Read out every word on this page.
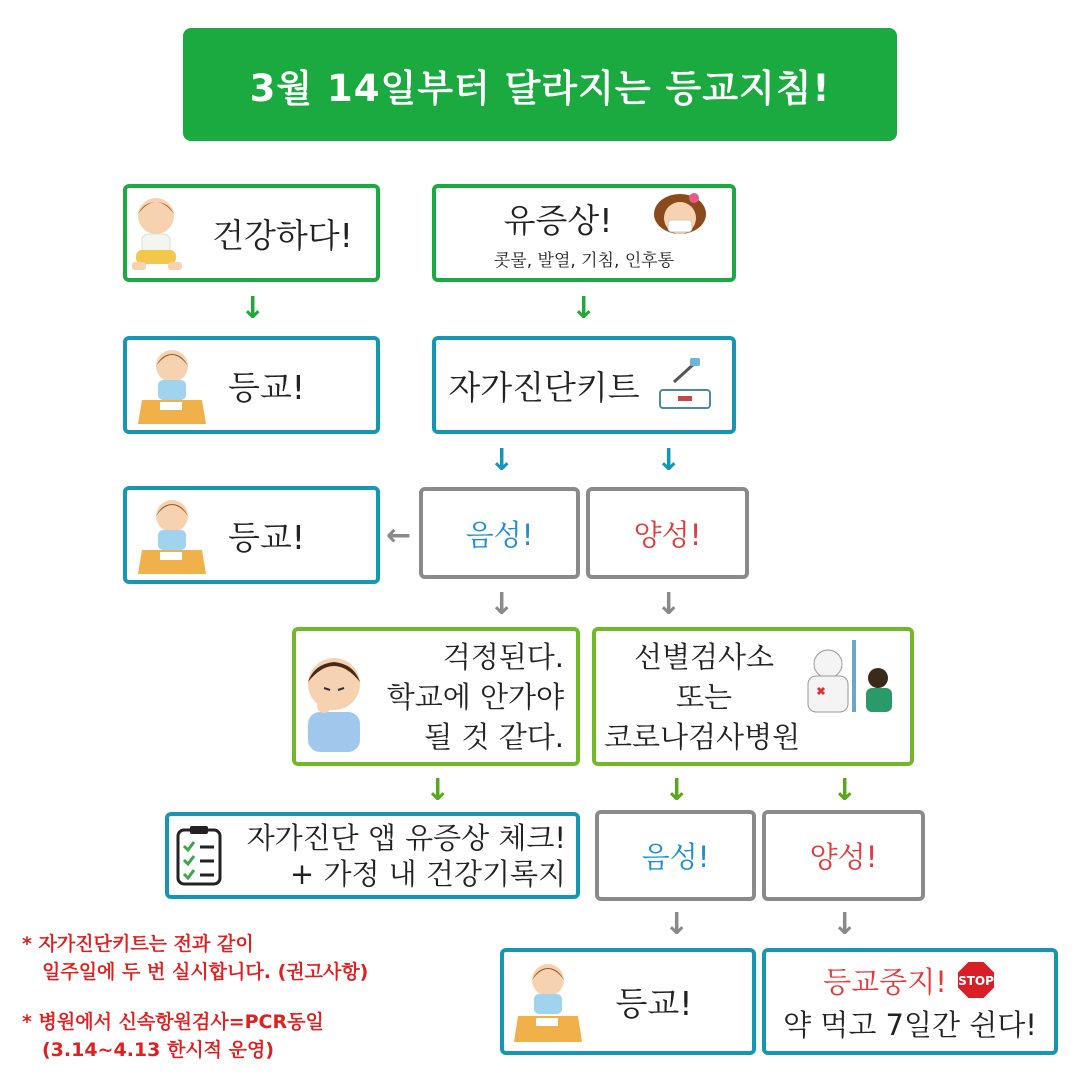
3월 14일부터 달라지는 등교지침!
건강하다!	유증상!
콧물, 발열, 기침, 인후통
↓	↓
등교!	자가진단키트
↓	↓
등교!	← 음성!	양성!
↓	↓
걱정된다.
학교에 안가야
될 것 같다.
선별검사소
또는
코로나검사병원
↓	↓	↓
자가진단 앱 유증상 체크!
+ 가정 내 건강기록지	음성!	양성!
↓	↓
등교!
등교중지! STOP
약 먹고 7일간 쉰다!
* 자가진단키트는 전과 같이
일주일에 두 번 실시합니다. (권고사항)
* 병원에서 신속항원검사=PCR동일
(3.14~4.13 한시적 운영)
